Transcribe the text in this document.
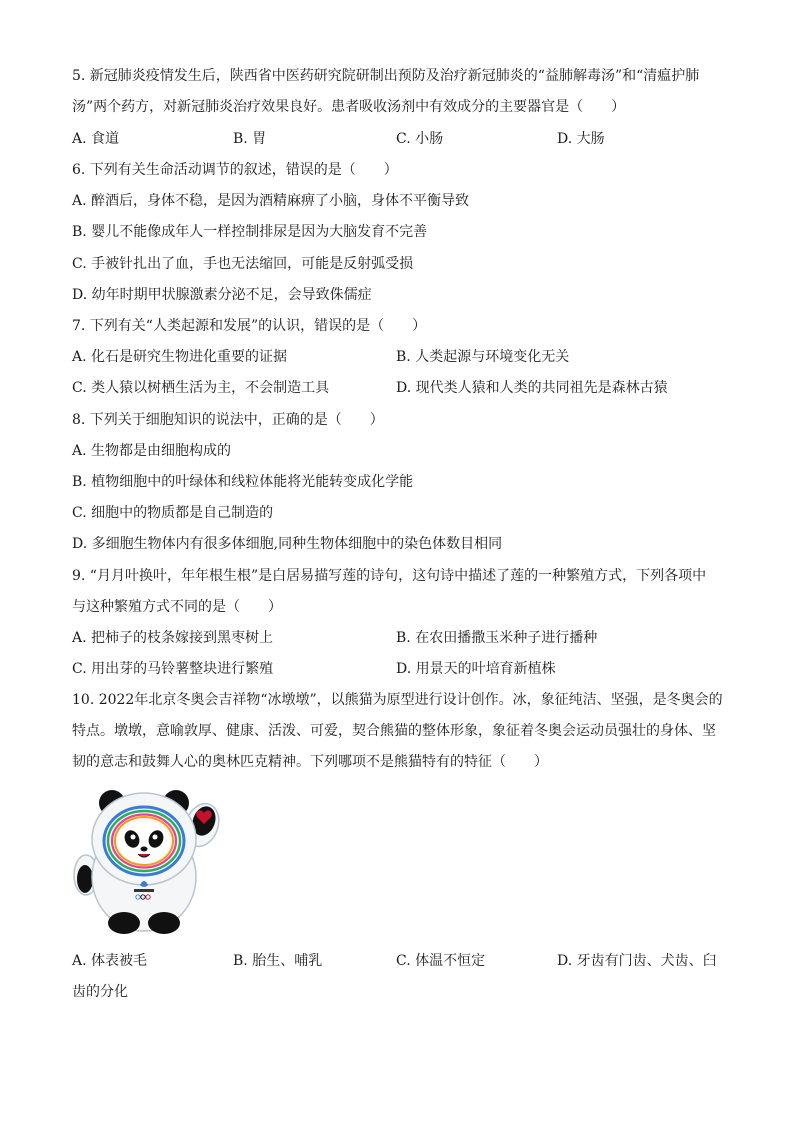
5. 新冠肺炎疫情发生后，陕西省中医药研究院研制出预防及治疗新冠肺炎的“益肺解毒汤”和“清瘟护肺
汤”两个药方，对新冠肺炎治疗效果良好。患者吸收汤剂中有效成分的主要器官是（　　）
A. 食道	B. 胃	C. 小肠	D. 大肠
6. 下列有关生命活动调节的叙述，错误的是（　　）
A. 醉酒后，身体不稳，是因为酒精麻痹了小脑，身体不平衡导致
B. 婴儿不能像成年人一样控制排尿是因为大脑发育不完善
C. 手被针扎出了血，手也无法缩回，可能是反射弧受损
D. 幼年时期甲状腺激素分泌不足，会导致侏儒症
7. 下列有关“人类起源和发展”的认识，错误的是（　　）
A. 化石是研究生物进化重要的证据	B. 人类起源与环境变化无关
C. 类人猿以树栖生活为主，不会制造工具	D. 现代类人猿和人类的共同祖先是森林古猿
8. 下列关于细胞知识的说法中，正确的是（　　）
A. 生物都是由细胞构成的
B. 植物细胞中的叶绿体和线粒体能将光能转变成化学能
C. 细胞中的物质都是自己制造的
D. 多细胞生物体内有很多体细胞,同种生物体细胞中的染色体数目相同
9. “月月叶换叶，年年根生根”是白居易描写莲的诗句，这句诗中描述了莲的一种繁殖方式，下列各项中
与这种繁殖方式不同的是（　　）
A. 把柿子的枝条嫁接到黑枣树上	B. 在农田播撒玉米种子进行播种
C. 用出芽的马铃薯整块进行繁殖	D. 用景天的叶培育新植株
10. 2022年北京冬奥会吉祥物“冰墩墩”，以熊猫为原型进行设计创作。冰，象征纯洁、坚强，是冬奥会的
特点。墩墩，意喻敦厚、健康、活泼、可爱，契合熊猫的整体形象，象征着冬奥会运动员强壮的身体、坚
韧的意志和鼓舞人心的奥林匹克精神。下列哪项不是熊猫特有的特征（　　）
A. 体表被毛	B. 胎生、哺乳	C. 体温不恒定	D. 牙齿有门齿、犬齿、臼
齿的分化
